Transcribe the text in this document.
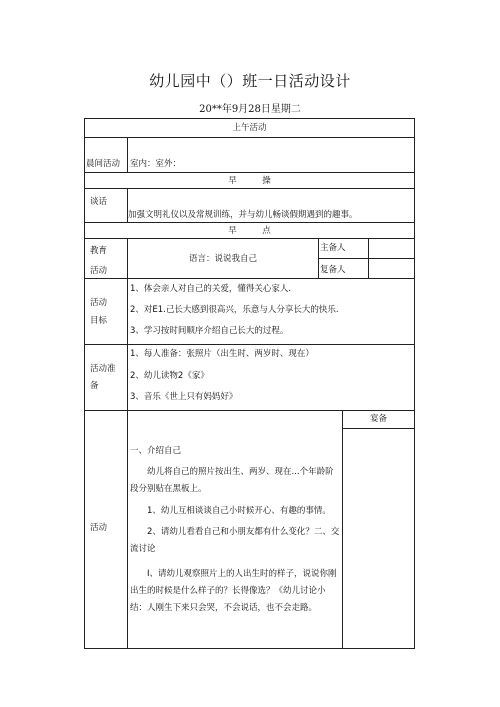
幼儿园中（）班一日活动设计
20**年9月28日星期二
上午活动
晨间活动 室内：室外：
早　　　操
谈话
加强文明礼仪以及常规训练，并与幼儿畅谈假期遇到的趣事。
早　　　点
教育
活动
语言：说说我自己
主备人
复备人
活动
目标
1、体会亲人对自己的关爱，懂得关心家人.
2、对E1.己长大感到很高兴，乐意与人分享长大的快乐.
3、学习按时间顺序介绍自己长大的过程。
活动准
备
1、每人准备：张照片（出生时、两岁时、现在）
2、幼儿读物2《家》
3、音乐《世上只有妈妈好》
活动
宴备
一、介绍自己
　　幼儿将自己的照片按出生、两岁、现在...个年龄阶段分别贴在黑板上。
　　1、幼儿互相谈谈自己小时候开心、有趣的事情。
　　2、请幼儿看看自己和小朋友都有什么变化？二、交流讨论
　　I、请幼儿观察照片上的人出生时的样子，说说你刚出生的时候是什么样子的？长得像选？《幼儿讨论小结：人刚生下来只会哭，不会说话，也不会走路。
